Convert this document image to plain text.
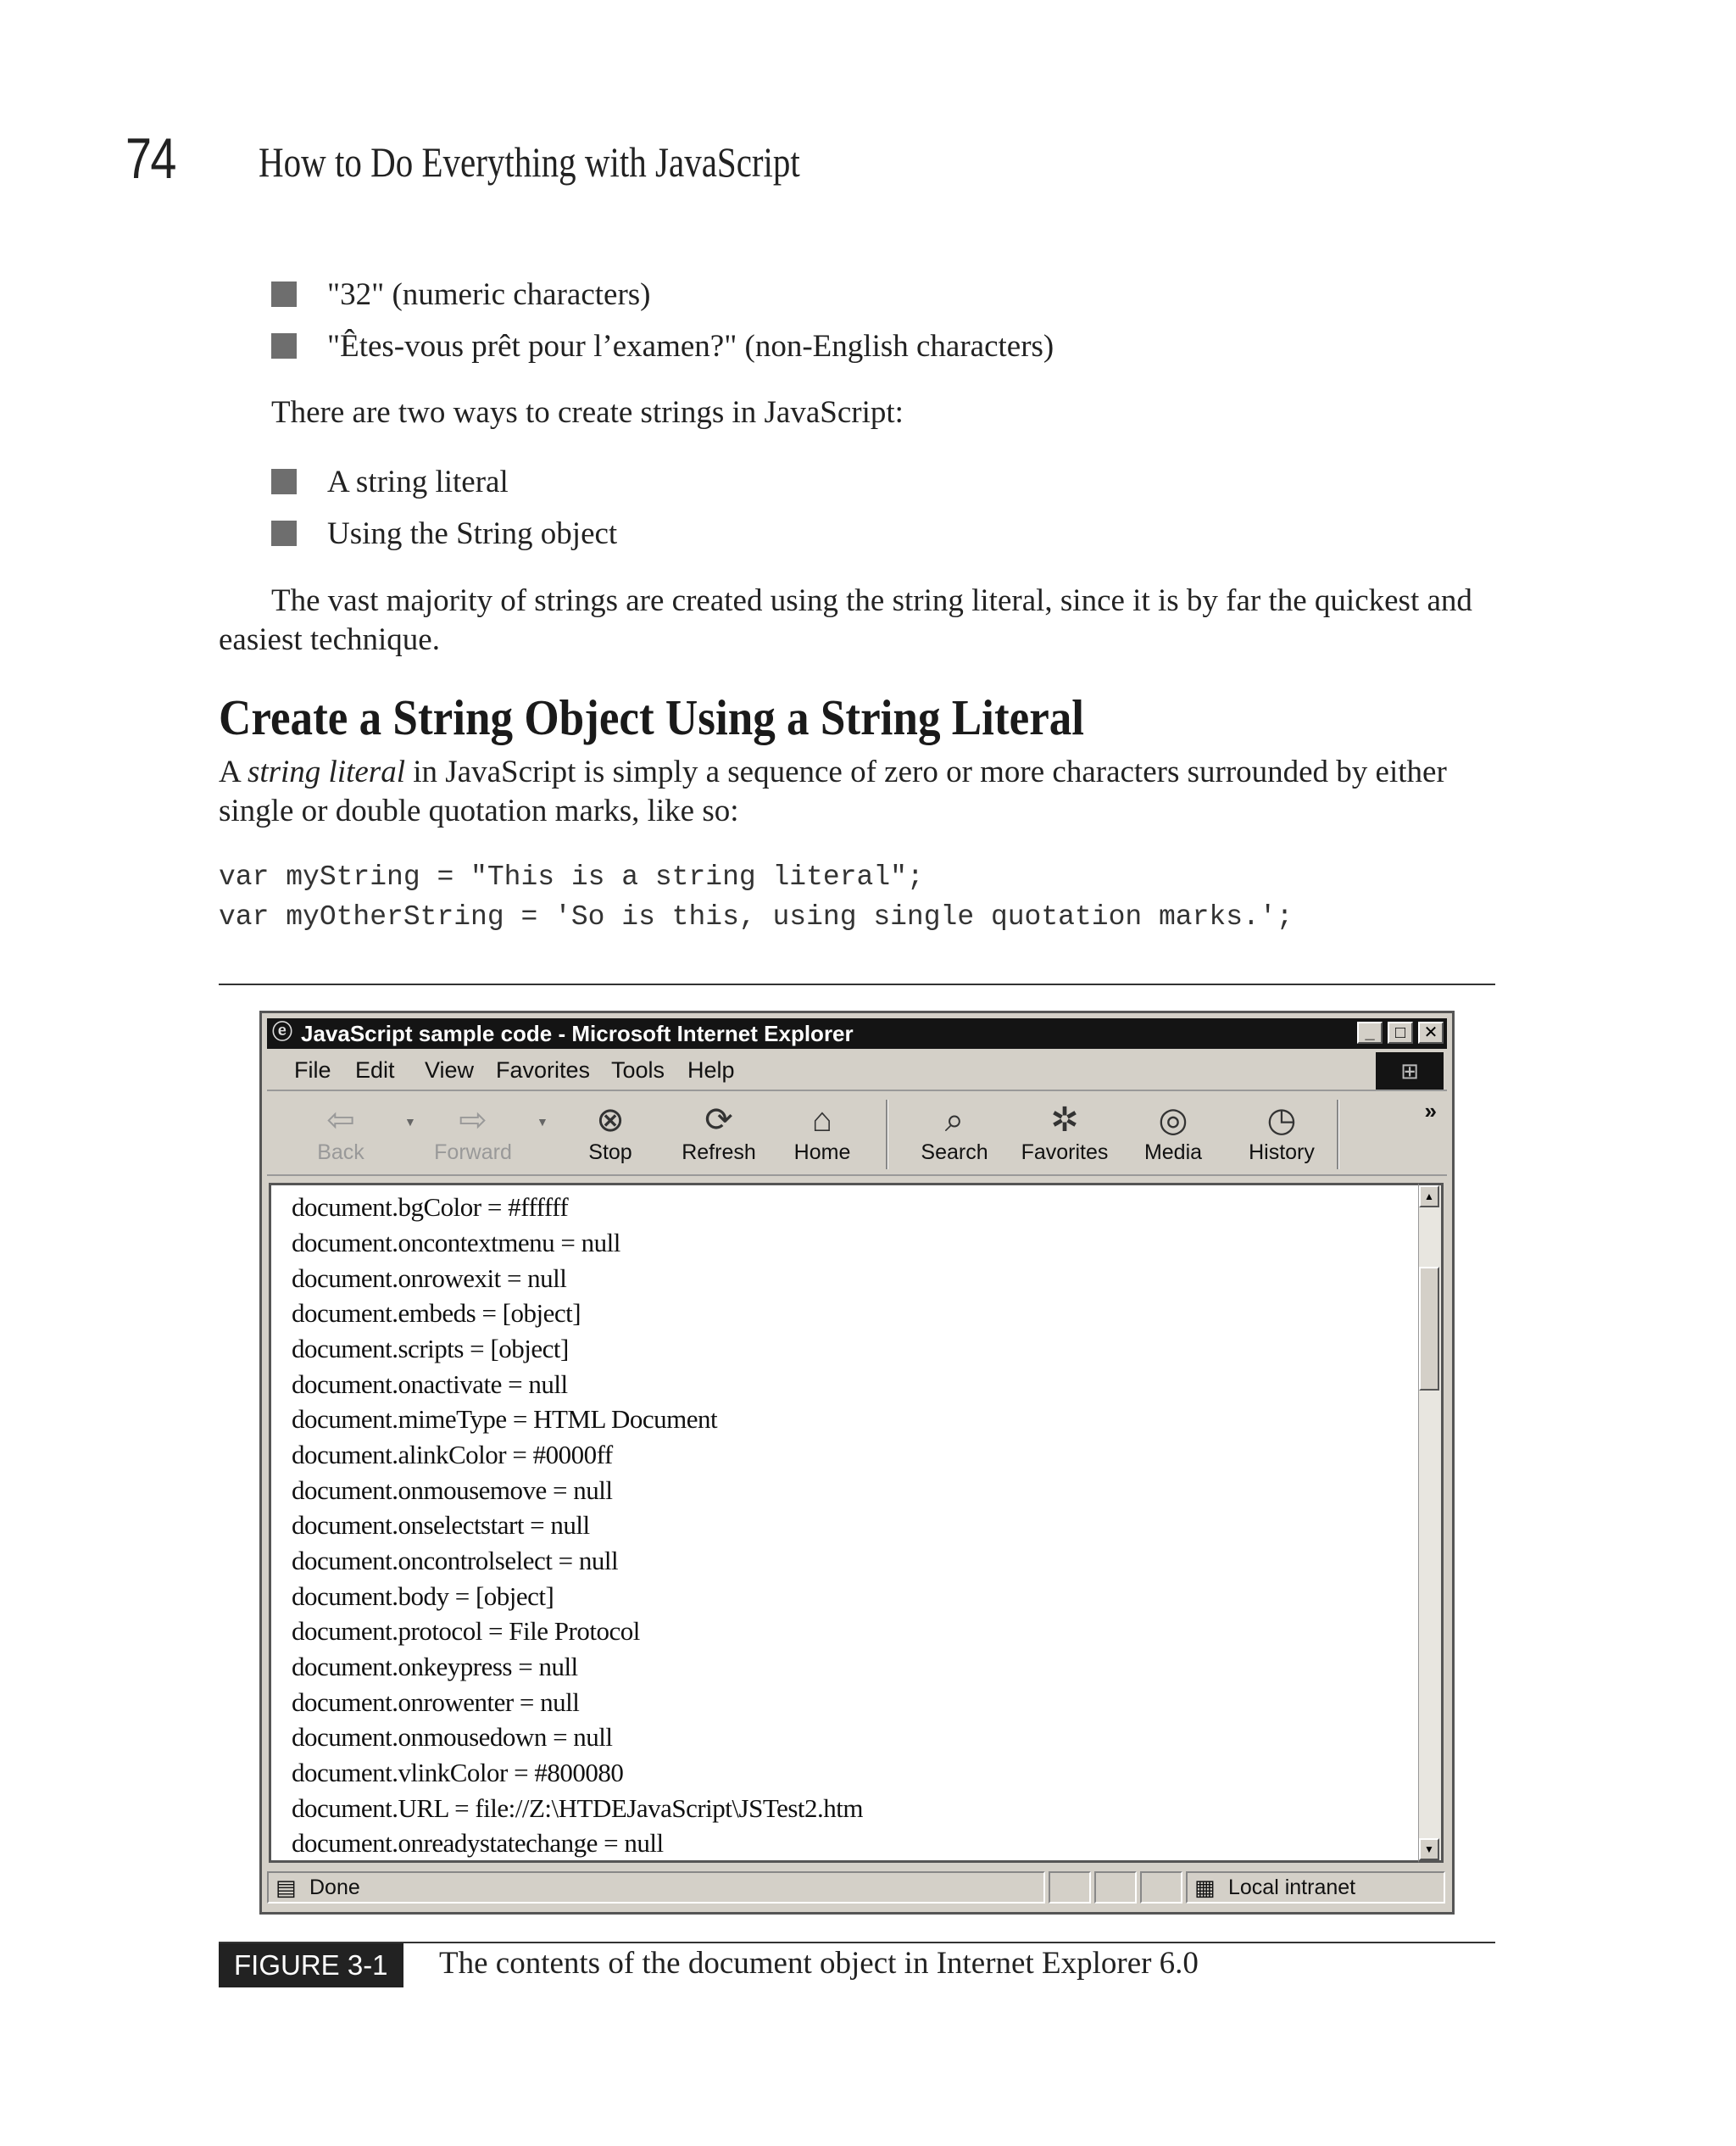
74 How to Do Everything with JavaScript
"32" (numeric characters)
"Êtes-vous prêt pour l’examen?" (non-English characters)
There are two ways to create strings in JavaScript:
A string literal
Using the String object
The vast majority of strings are created using the string literal, since it is by far the quickest and easiest technique.
Create a String Object Using a String Literal
A string literal in JavaScript is simply a sequence of zero or more characters surrounded by either single or double quotation marks, like so:
var myString = "This is a string literal";
var myOtherString = 'So is this, using single quotation marks.';
ⓔ JavaScript sample code - Microsoft Internet Explorer	_	□	✕
File Edit View Favorites Tools Help	⊞
⇦
Back
▼	⇨
Forward
▼	⊗
Stop
⟳
Refresh
⌂
Home
⌕
Search
✲
Favorites
◎
Media
◷
History
»
document.bgColor = #ffffff
document.oncontextmenu = null
document.onrowexit = null
document.embeds = [object]
document.scripts = [object]
document.onactivate = null
document.mimeType = HTML Document
document.alinkColor = #0000ff
document.onmousemove = null
document.onselectstart = null
document.oncontrolselect = null
document.body = [object]
document.protocol = File Protocol
document.onkeypress = null
document.onrowenter = null
document.onmousedown = null
document.vlinkColor = #800080
document.URL = file://Z:\HTDEJavaScript\JSTest2.htm
document.onreadystatechange = null
▲
▼
▤ Done	▦ Local intranet
FIGURE 3-1	The contents of the document object in Internet Explorer 6.0
